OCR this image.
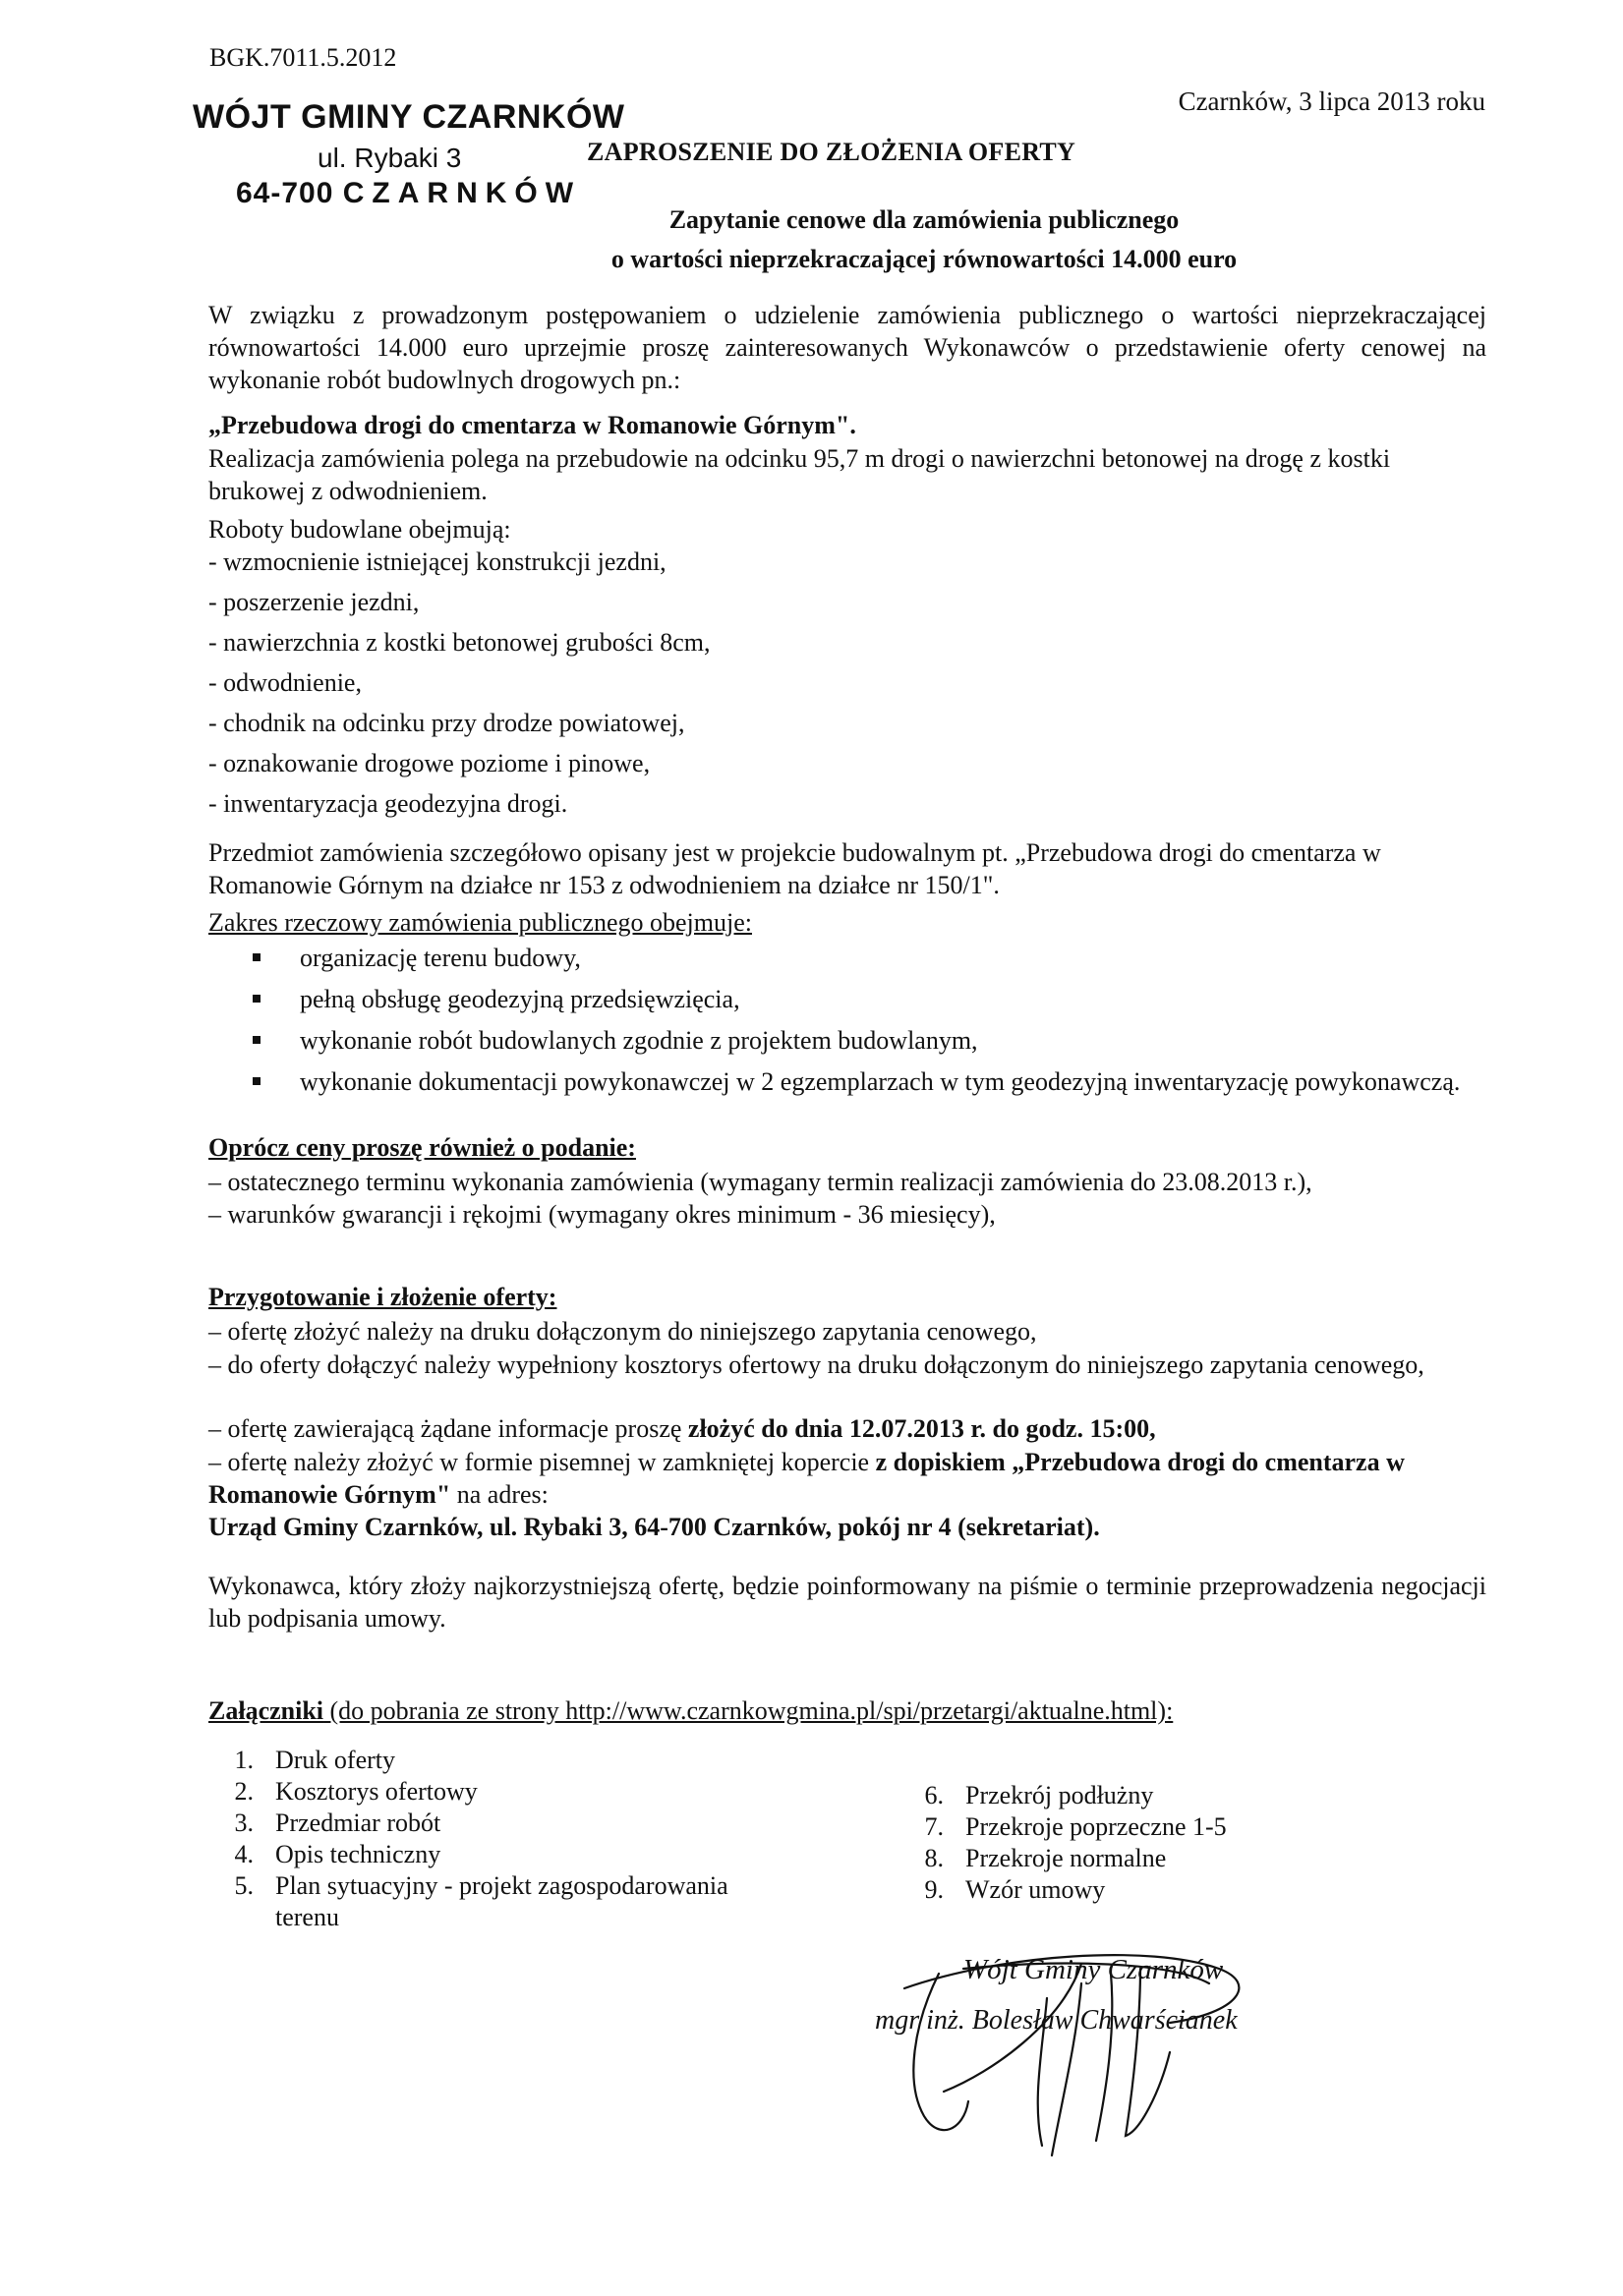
BGK.7011.5.2012
Czarnków, 3 lipca 2013 roku
WÓJT GMINY CZARNKÓW
ul. Rybaki 3
64-700 CZARNKÓW
ZAPROSZENIE DO ZŁOŻENIA OFERTY
Zapytanie cenowe dla zamówienia publicznego
o wartości nieprzekraczającej równowartości 14.000 euro
W związku z prowadzonym postępowaniem o udzielenie zamówienia publicznego o wartości nieprzekraczającej równowartości 14.000 euro uprzejmie proszę zainteresowanych Wykonawców o przedstawienie oferty cenowej na wykonanie robót budowlnych drogowych pn.:
„Przebudowa drogi do cmentarza w Romanowie Górnym".
Realizacja zamówienia polega na przebudowie na odcinku 95,7 m drogi o nawierzchni betonowej na drogę z kostki brukowej z odwodnieniem.
Roboty budowlane obejmują:
- wzmocnienie istniejącej konstrukcji jezdni,
- poszerzenie jezdni,
- nawierzchnia z kostki betonowej grubości 8cm,
- odwodnienie,
- chodnik na odcinku przy drodze powiatowej,
- oznakowanie drogowe poziome i pinowe,
- inwentaryzacja geodezyjna drogi.
Przedmiot zamówienia szczegółowo opisany jest w projekcie budowalnym pt. „Przebudowa drogi do cmentarza w Romanowie Górnym na działce nr 153 z odwodnieniem na działce nr 150/1".
Zakres rzeczowy zamówienia publicznego obejmuje:
organizację terenu budowy,
pełną obsługę geodezyjną przedsięwzięcia,
wykonanie robót budowlanych zgodnie z projektem budowlanym,
wykonanie dokumentacji powykonawczej w 2 egzemplarzach w tym geodezyjną inwentaryzację powykonawczą.
Oprócz ceny proszę również o podanie:
– ostatecznego terminu wykonania zamówienia (wymagany termin realizacji zamówienia do 23.08.2013 r.),
– warunków gwarancji i rękojmi (wymagany okres minimum - 36 miesięcy),
Przygotowanie i złożenie oferty:
– ofertę złożyć należy na druku dołączonym do niniejszego zapytania cenowego,
– do oferty dołączyć należy wypełniony kosztorys ofertowy na druku dołączonym do niniejszego zapytania cenowego,
– ofertę zawierającą żądane informacje proszę złożyć do dnia 12.07.2013 r. do godz. 15:00,
– ofertę należy złożyć w formie pisemnej w zamkniętej kopercie z dopiskiem „Przebudowa drogi do cmentarza w Romanowie Górnym" na adres:
Urząd Gminy Czarnków, ul. Rybaki 3, 64-700 Czarnków, pokój nr 4 (sekretariat).
Wykonawca, który złoży najkorzystniejszą ofertę, będzie poinformowany na piśmie o terminie przeprowadzenia negocjacji lub podpisania umowy.
Załączniki (do pobrania ze strony http://www.czarnkowgmina.pl/spi/przetargi/aktualne.html):
1. Druk oferty
2. Kosztorys ofertowy
3. Przedmiar robót
4. Opis techniczny
5. Plan sytuacyjny - projekt zagospodarowania
terenu
6. Przekrój podłużny
7. Przekroje poprzeczne 1-5
8. Przekroje normalne
9. Wzór umowy
Wójt Gminy Czarnków
mgr inż. Bolesław Chwarścianek
